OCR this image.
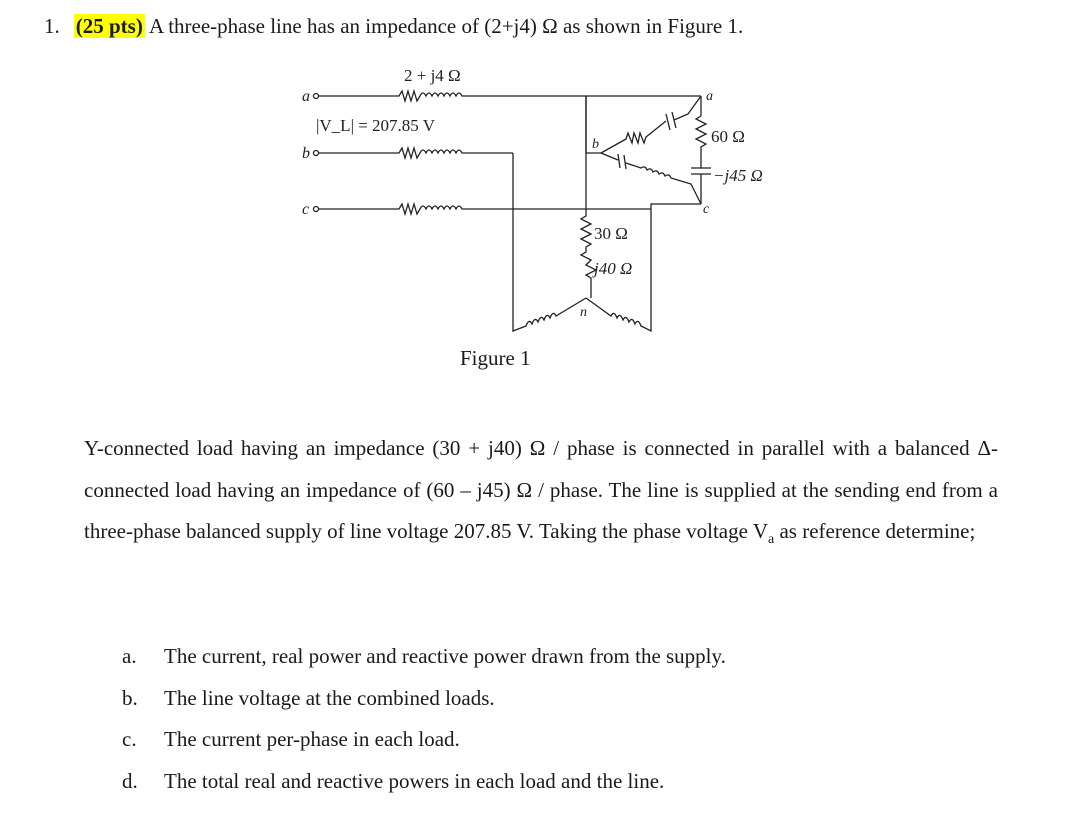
1. (25 pts) A three-phase line has an impedance of (2+j4) Ω as shown in Figure 1.
a
b
c
2 + j4 Ω
|V_L| = 207.85 V
a
b
c
60 Ω
−j45 Ω
30 Ω
j40 Ω
n
Figure 1
Y-connected load having an impedance (30 + j40) Ω / phase is connected in parallel with a balanced Δ-connected load having an impedance of (60 – j45) Ω / phase. The line is supplied at the sending end from a three-phase balanced supply of line voltage 207.85 V. Taking the phase voltage $V_a$ as reference determine;
a. The current, real power and reactive power drawn from the supply.
b. The line voltage at the combined loads.
c. The current per-phase in each load.
d. The total real and reactive powers in each load and the line.
